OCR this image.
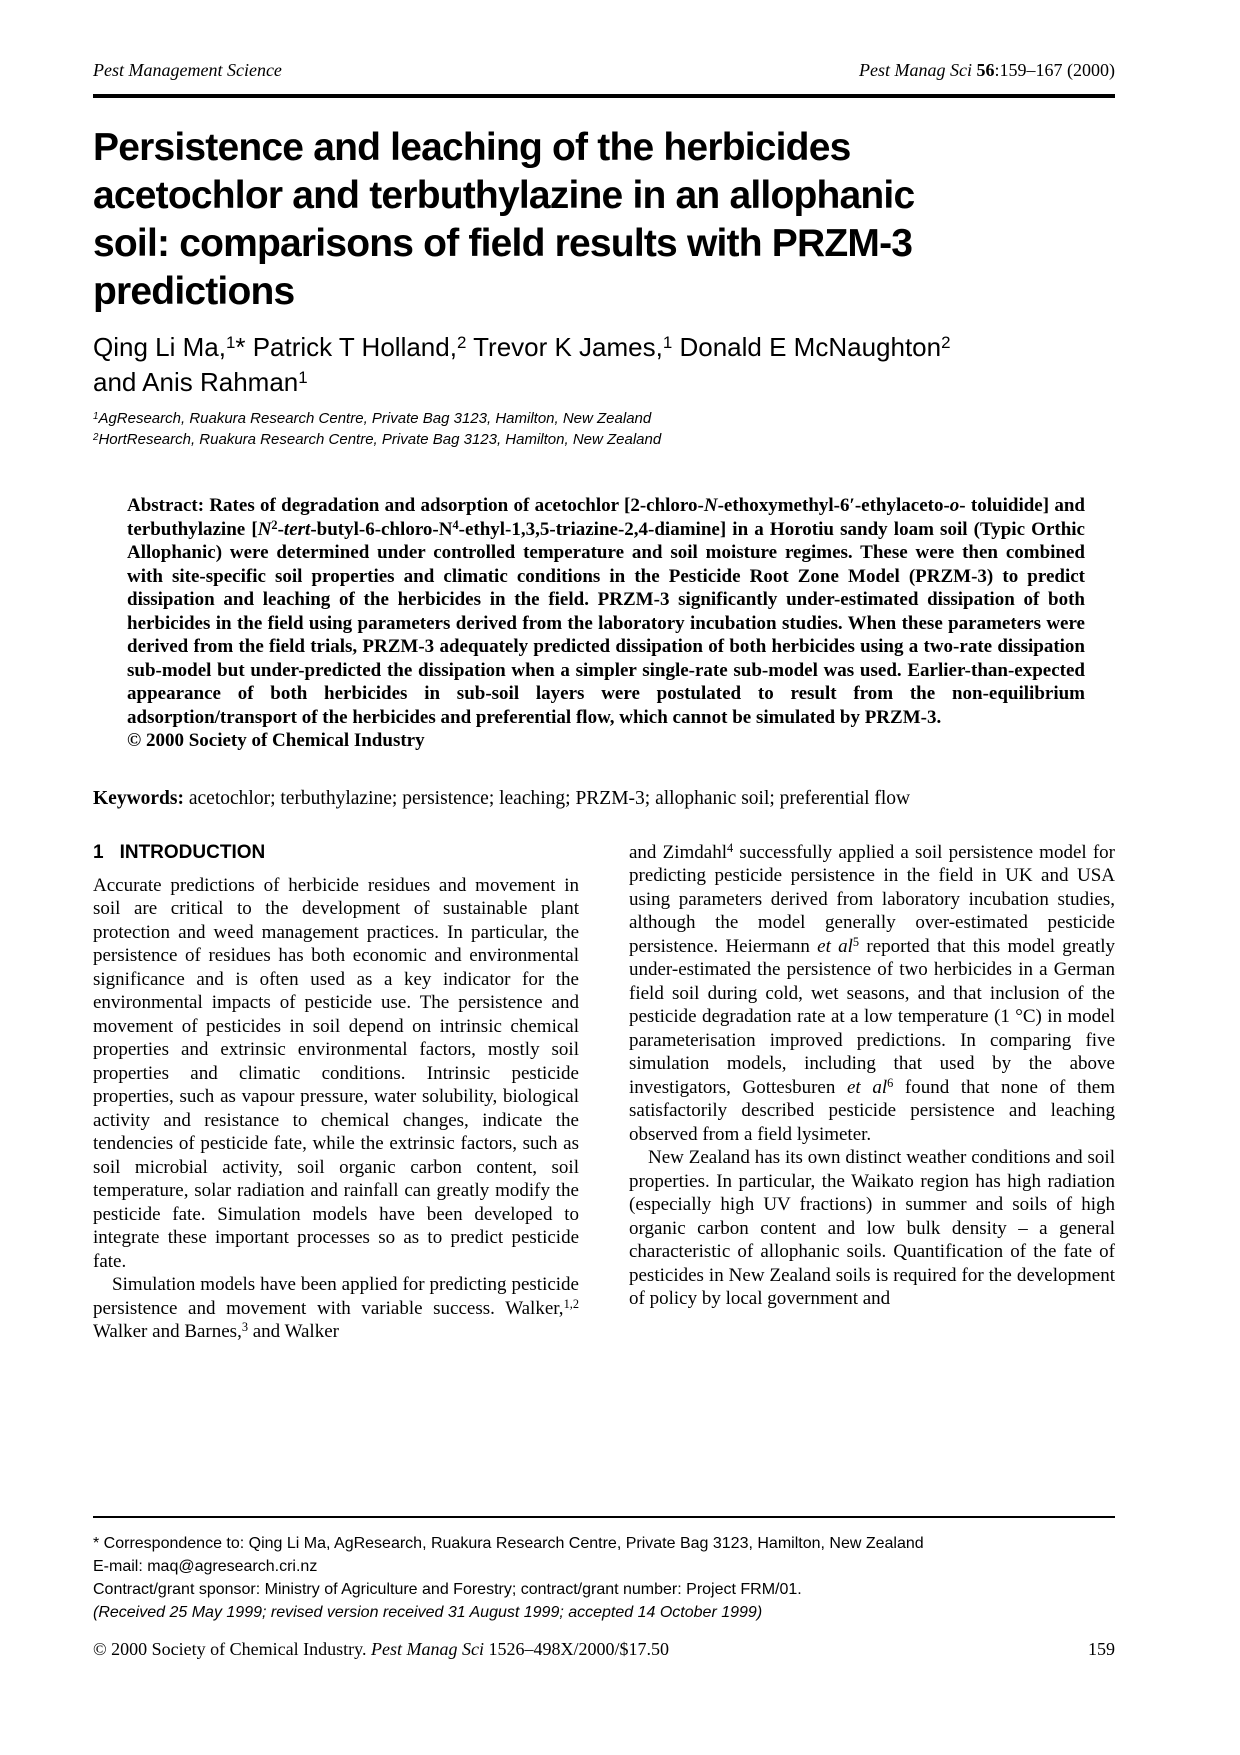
Pest Management Science	Pest Manag Sci 56:159–167 (2000)
Persistence and leaching of the herbicides
acetochlor and terbuthylazine in an allophanic
soil: comparisons of field results with PRZM-3
predictions
Qing Li Ma,$^1$* Patrick T Holland,$^2$ Trevor K James,$^1$ Donald E McNaughton$^2$
and Anis Rahman$^1$
$^1$AgResearch, Ruakura Research Centre, Private Bag 3123, Hamilton, New Zealand
$^2$HortResearch, Ruakura Research Centre, Private Bag 3123, Hamilton, New Zealand

Abstract: Rates of degradation and adsorption of acetochlor [2-chloro-N-ethoxymethyl-6′-ethylaceto-o- toluidide] and terbuthylazine $[N^2-tert-butyl-6-chloro-N^4-ethyl-1,3,5-triazine-2,4-diamine]$ in a Horotiu sandy loam soil (Typic Orthic Allophanic) were determined under controlled temperature and soil moisture regimes. These were then combined with site-specific soil properties and climatic conditions in the Pesticide Root Zone Model (PRZM-3) to predict dissipation and leaching of the herbicides in the field. PRZM-3 significantly under-estimated dissipation of both herbicides in the field using parameters derived from the laboratory incubation studies. When these parameters were derived from the field trials, PRZM-3 adequately predicted dissipation of both herbicides using a two-rate dissipation sub-model but under-predicted the dissipation when a simpler single-rate sub-model was used. Earlier-than-expected appearance of both herbicides in sub-soil layers were postulated to result from the non-equilibrium adsorption/transport of the herbicides and preferential flow, which cannot be simulated by PRZM-3.

© 2000 Society of Chemical Industry

Keywords: acetochlor; terbuthylazine; persistence; leaching; PRZM-3; allophanic soil; preferential flow

1 INTRODUCTION

Accurate predictions of herbicide residues and movement in soil are critical to the development of sustainable plant protection and weed management practices. In particular, the persistence of residues has both economic and environmental significance and is often used as a key indicator for the environmental impacts of pesticide use. The persistence and movement of pesticides in soil depend on intrinsic chemical properties and extrinsic environmental factors, mostly soil properties and climatic conditions. Intrinsic pesticide properties, such as vapour pressure, water solubility, biological activity and resistance to chemical changes, indicate the tendencies of pesticide fate, while the extrinsic factors, such as soil microbial activity, soil organic carbon content, soil temperature, solar radiation and rainfall can greatly modify the pesticide fate. Simulation models have been developed to integrate these important processes so as to predict pesticide fate.

Simulation models have been applied for predicting pesticide persistence and movement with variable success. Walker,$^{1,2}$ Walker and Barnes,$^3$ and Walker

and Zimdahl$^4$ successfully applied a soil persistence model for predicting pesticide persistence in the field in UK and USA using parameters derived from laboratory incubation studies, although the model generally over-estimated pesticide persistence. Heiermann et $al^5$ reported that this model greatly under-estimated the persistence of two herbicides in a German field soil during cold, wet seasons, and that inclusion of the pesticide degradation rate at a low temperature (1 °C) in model parameterisation improved predictions. In comparing five simulation models, including that used by the above investigators, Gottesburen et $al^6$ found that none of them satisfactorily described pesticide persistence and leaching observed from a field lysimeter.

New Zealand has its own distinct weather conditions and soil properties. In particular, the Waikato region has high radiation (especially high UV fractions) in summer and soils of high organic carbon content and low bulk density – a general characteristic of allophanic soils. Quantification of the fate of pesticides in New Zealand soils is required for the development of policy by local government and

* Correspondence to: Qing Li Ma, AgResearch, Ruakura Research Centre, Private Bag 3123, Hamilton, New Zealand
E-mail: maq@agresearch.cri.nz
Contract/grant sponsor: Ministry of Agriculture and Forestry; contract/grant number: Project FRM/01.
(Received 25 May 1999; revised version received 31 August 1999; accepted 14 October 1999)
© 2000 Society of Chemical Industry. Pest Manag Sci 1526–498X/2000/$17.50	159
